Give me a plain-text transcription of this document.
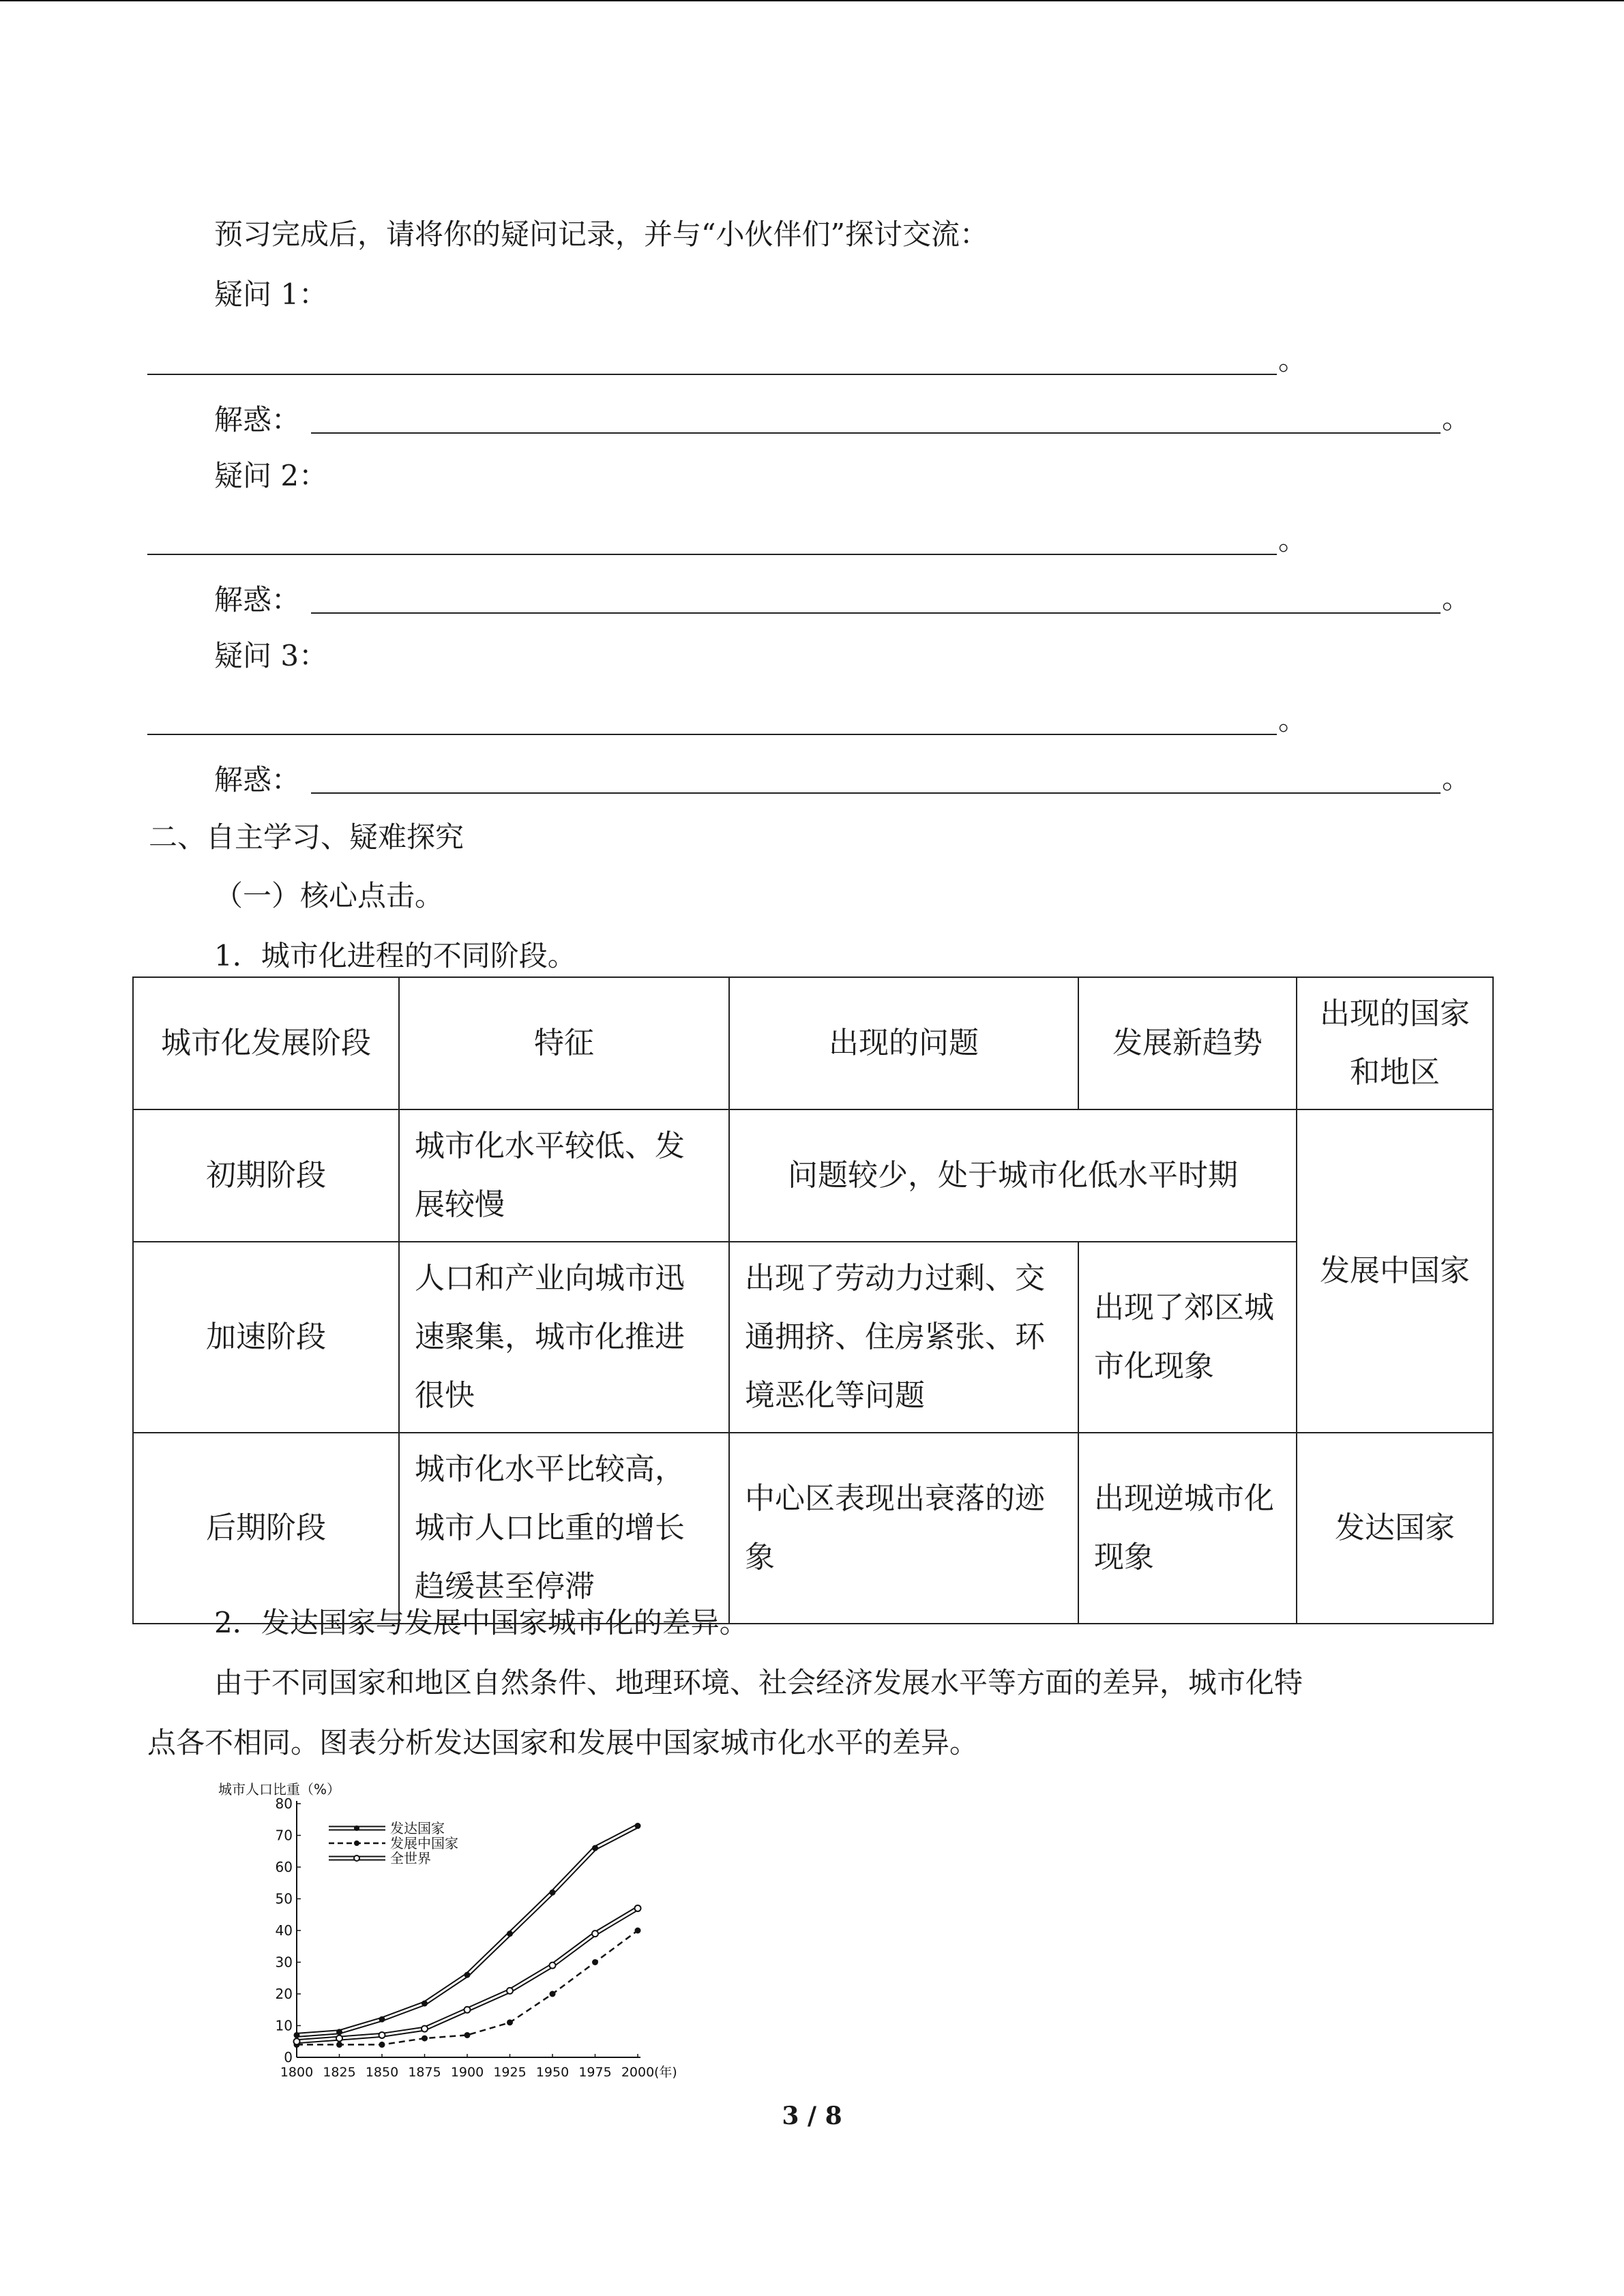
预习完成后，请将你的疑问记录，并与“小伙伴们”探讨交流：
疑问 1：
。
解惑：	。
疑问 2：
。
解惑：	。
疑问 3：
。
解惑：	。
二、自主学习、疑难探究
（一）核心点击。
1．城市化进程的不同阶段。
城市化发展阶段	特征	出现的问题	发展新趋势	出现的国家和地区
初期阶段	城市化水平较低、发展较慢	问题较少，处于城市化低水平时期		发展中国家
加速阶段	人口和产业向城市迅速聚集，城市化推进很快	出现了劳动力过剩、交通拥挤、住房紧张、环境恶化等问题	出现了郊区城市化现象	
后期阶段	城市化水平比较高，城市人口比重的增长趋缓甚至停滞	中心区表现出衰落的迹象	出现逆城市化现象	发达国家
2．发达国家与发展中国家城市化的差异。
由于不同国家和地区自然条件、地理环境、社会经济发展水平等方面的差异，城市化特
点各不相同。图表分析发达国家和发展中国家城市化水平的差异。
城市人口比重（%）
0
10
20
30
40
50
60
70
80
1800 1825 1850 1875 1900 1925 1950 1975 2000 (年)
发达国家
发展中国家
全世界
3 / 8
